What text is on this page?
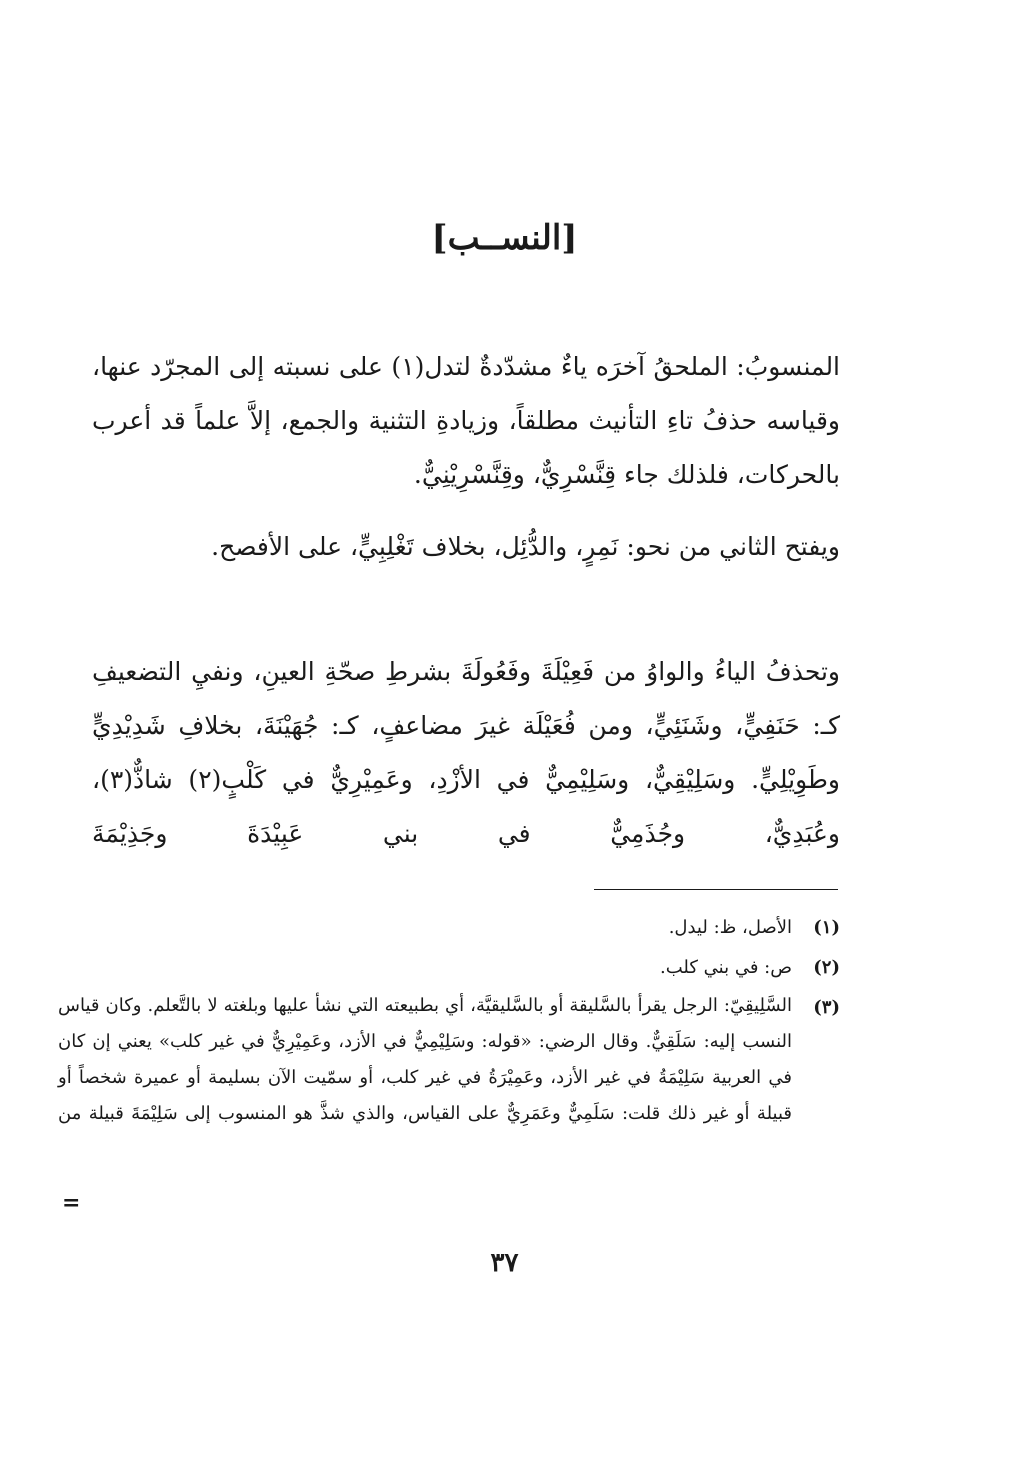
[النســب]

المنسوبُ: الملحقُ آخرَه ياءٌ مشدّدةٌ لتدل(١) على نسبته إلى المجرّد عنها، وقياسه حذفُ تاءِ التأنيث مطلقاً، وزيادةِ التثنية والجمع، إلاَّ علماً قد أعرب بالحركات، فلذلك جاء قِنَّسْرِيٌّ، وقِنَّسْرِيْنِيٌّ.

ويفتح الثاني من نحو: نَمِرٍ، والدُّئِل، بخلاف تَغْلِبِيٍّ، على الأفصح.

وتحذفُ الياءُ والواوُ من فَعِيْلَةَ وفَعُولَةَ بشرطِ صحّةِ العينِ، ونفيِ التضعيفِ كـ: حَنَفِيٍّ، وشَنَئِيٍّ، ومن فُعَيْلَة غيرَ مضاعفٍ، كـ: جُهَيْنَةَ، بخلافِ شَدِيْدِيٍّ وطَوِيْلِيٍّ. وسَلِيْقِيٌّ، وسَلِيْمِيٌّ في الأزْدِ، وعَمِيْرِيٌّ في كَلْبٍ(٢) شاذٌّ(٣)، وعُبَدِيٌّ، وجُذَمِيٌّ في بني عَبِيْدَةَ وجَذِيْمَةَ

(١)
الأصل، ظ: ليدل.
(٢)
ص: في بني كلب.
(٣)
السَّلِيقِيّ: الرجل يقرأ بالسَّليقة أو بالسَّليقيَّة، أي بطبيعته التي نشأ عليها وبلغته لا بالتَّعلم. وكان قياس النسب إليه: سَلَقِيٌّ. وقال الرضي: «قوله: وسَلِيْمِيٌّ في الأزد، وعَمِيْرِيٌّ في غير كلب» يعني إن كان في العربية سَلِيْمَةُ في غير الأزد، وعَمِيْرَةُ في غير كلب، أو سمّيت الآن بسليمة أو عميرة شخصاً أو قبيلة أو غير ذلك قلت: سَلَمِيٌّ وعَمَرِيٌّ على القياس، والذي شذَّ هو المنسوب إلى سَلِيْمَةَ قبيلة من
=
٣٧
